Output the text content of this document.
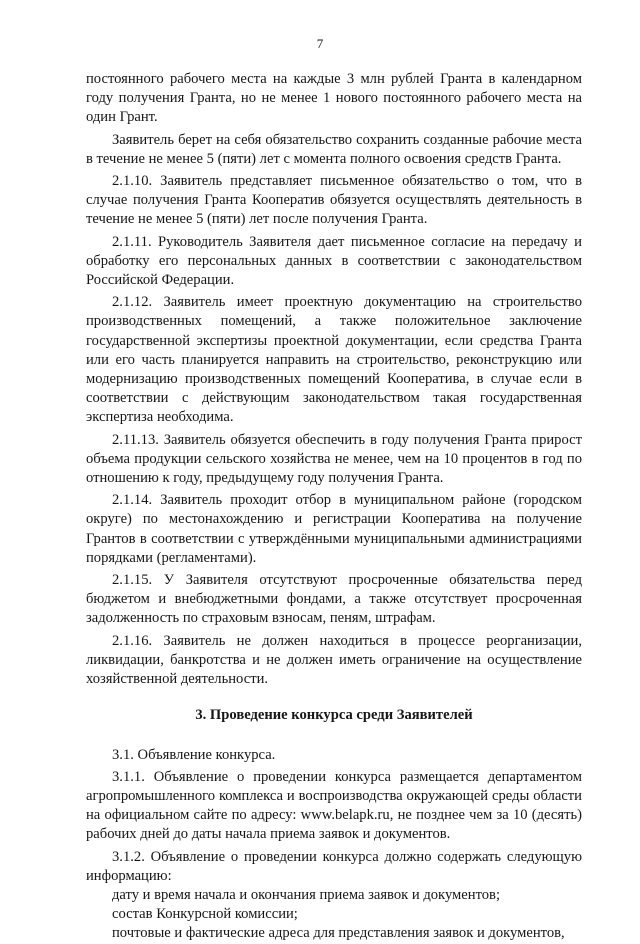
7

постоянного рабочего места на каждые 3 млн рублей Гранта в календарном году получения Гранта, но не менее 1 нового постоянного рабочего места на один Грант.

Заявитель берет на себя обязательство сохранить созданные рабочие места в течение не менее 5 (пяти) лет с момента полного освоения средств Гранта.

2.1.10. Заявитель представляет письменное обязательство о том, что в случае получения Гранта Кооператив обязуется осуществлять деятельность в течение не менее 5 (пяти) лет после получения Гранта.

2.1.11. Руководитель Заявителя дает письменное согласие на передачу и обработку его персональных данных в соответствии с законодательством Российской Федерации.

2.1.12. Заявитель имеет проектную документацию на строительство производственных помещений, а также положительное заключение государственной экспертизы проектной документации, если средства Гранта или его часть планируется направить на строительство, реконструкцию или модернизацию производственных помещений Кооператива, в случае если в соответствии с действующим законодательством такая государственная экспертиза необходима.

2.11.13. Заявитель обязуется обеспечить в году получения Гранта прирост объема продукции сельского хозяйства не менее, чем на 10 процентов в год по отношению к году, предыдущему году получения Гранта.

2.1.14. Заявитель проходит отбор в муниципальном районе (городском округе) по местонахождению и регистрации Кооператива на получение Грантов в соответствии с утверждёнными муниципальными администрациями порядками (регламентами).

2.1.15. У Заявителя отсутствуют просроченные обязательства перед бюджетом и внебюджетными фондами, а также отсутствует просроченная задолженность по страховым взносам, пеням, штрафам.

2.1.16. Заявитель не должен находиться в процессе реорганизации, ликвидации, банкротства и не должен иметь ограничение на осуществление хозяйственной деятельности.

3. Проведение конкурса среди Заявителей

3.1. Объявление конкурса.

3.1.1. Объявление о проведении конкурса размещается департаментом агропромышленного комплекса и воспроизводства окружающей среды области на официальном сайте по адресу: www.belapk.ru, не позднее чем за 10 (десять) рабочих дней до даты начала приема заявок и документов.

3.1.2. Объявление о проведении конкурса должно содержать следующую информацию:

дату и время начала и окончания приема заявок и документов;

состав Конкурсной комиссии;

почтовые и фактические адреса для представления заявок и документов,
